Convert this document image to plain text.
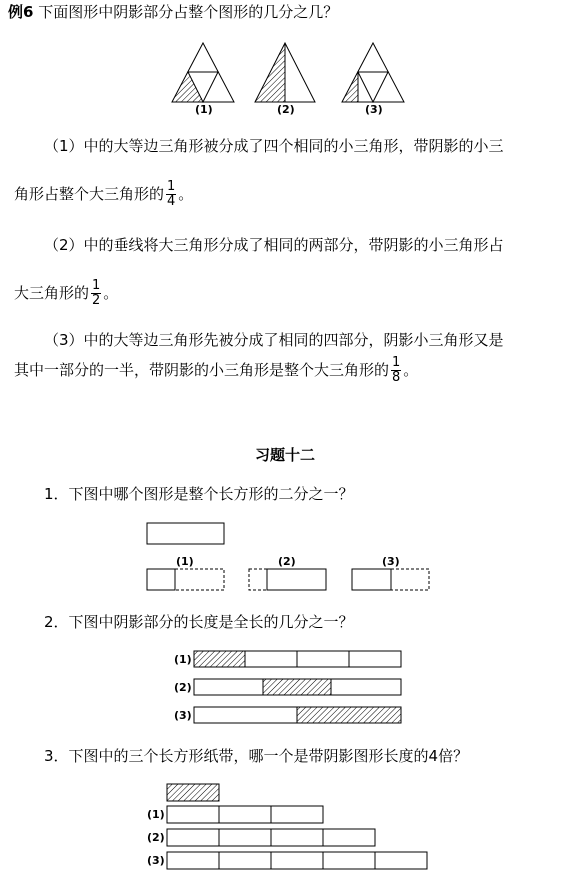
例6 下面图形中阴影部分占整个图形的几分之几？
(1)	(2)	(3)
（1）中的大等边三角形被分成了四个相同的小三角形，带阴影的小三
角形占整个大三角形的 $\frac{1}{4}$ 。
（2）中的垂线将大三角形分成了相同的两部分，带阴影的小三角形占
大三角形的 $\frac{1}{2}$ 。
（3）中的大等边三角形先被分成了相同的四部分，阴影小三角形又是
其中一部分的一半，带阴影的小三角形是整个大三角形的 $\frac{1}{8}$ 。
习题十二
1．下图中哪个图形是整个长方形的二分之一？
(1)	(2)	(3)
2．下图中阴影部分的长度是全长的几分之一？
(1)
(2)
(3)
3．下图中的三个长方形纸带，哪一个是带阴影图形长度的4倍？
(1)
(2)
(3)
